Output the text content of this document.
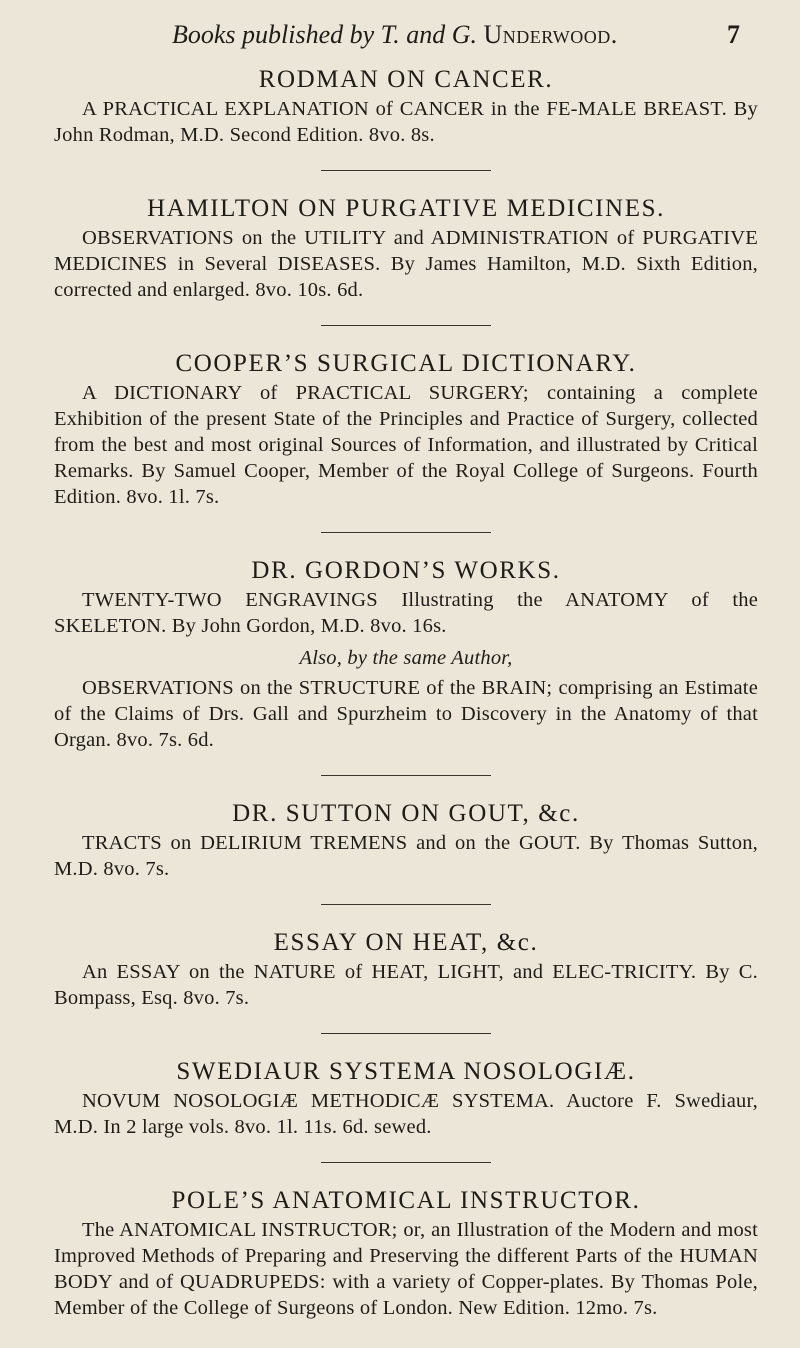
Books published by T. and G. Underwood.	7
RODMAN ON CANCER.

A PRACTICAL EXPLANATION of CANCER in the FE-MALE BREAST. By John Rodman, M.D. Second Edition. 8vo. 8s.

HAMILTON ON PURGATIVE MEDICINES.

OBSERVATIONS on the UTILITY and ADMINISTRATION of PURGATIVE MEDICINES in Several DISEASES. By James Hamilton, M.D. Sixth Edition, corrected and enlarged. 8vo. 10s. 6d.

COOPER’S SURGICAL DICTIONARY.

A DICTIONARY of PRACTICAL SURGERY; containing a complete Exhibition of the present State of the Principles and Practice of Surgery, collected from the best and most original Sources of Information, and illustrated by Critical Remarks. By Samuel Cooper, Member of the Royal College of Surgeons. Fourth Edition. 8vo. 1l. 7s.

DR. GORDON’S WORKS.

TWENTY-TWO ENGRAVINGS Illustrating the ANATOMY of the SKELETON. By John Gordon, M.D. 8vo. 16s.

Also, by the same Author,

OBSERVATIONS on the STRUCTURE of the BRAIN; comprising an Estimate of the Claims of Drs. Gall and Spurzheim to Discovery in the Anatomy of that Organ. 8vo. 7s. 6d.

DR. SUTTON ON GOUT, &c.

TRACTS on DELIRIUM TREMENS and on the GOUT. By Thomas Sutton, M.D. 8vo. 7s.

ESSAY ON HEAT, &c.

An ESSAY on the NATURE of HEAT, LIGHT, and ELEC-TRICITY. By C. Bompass, Esq. 8vo. 7s.

SWEDIAUR SYSTEMA NOSOLOGIÆ.

NOVUM NOSOLOGIÆ METHODICÆ SYSTEMA. Auctore F. Swediaur, M.D. In 2 large vols. 8vo. 1l. 11s. 6d. sewed.

POLE’S ANATOMICAL INSTRUCTOR.

The ANATOMICAL INSTRUCTOR; or, an Illustration of the Modern and most Improved Methods of Preparing and Preserving the different Parts of the HUMAN BODY and of QUADRUPEDS: with a variety of Copper-plates. By Thomas Pole, Member of the College of Surgeons of London. New Edition. 12mo. 7s.
